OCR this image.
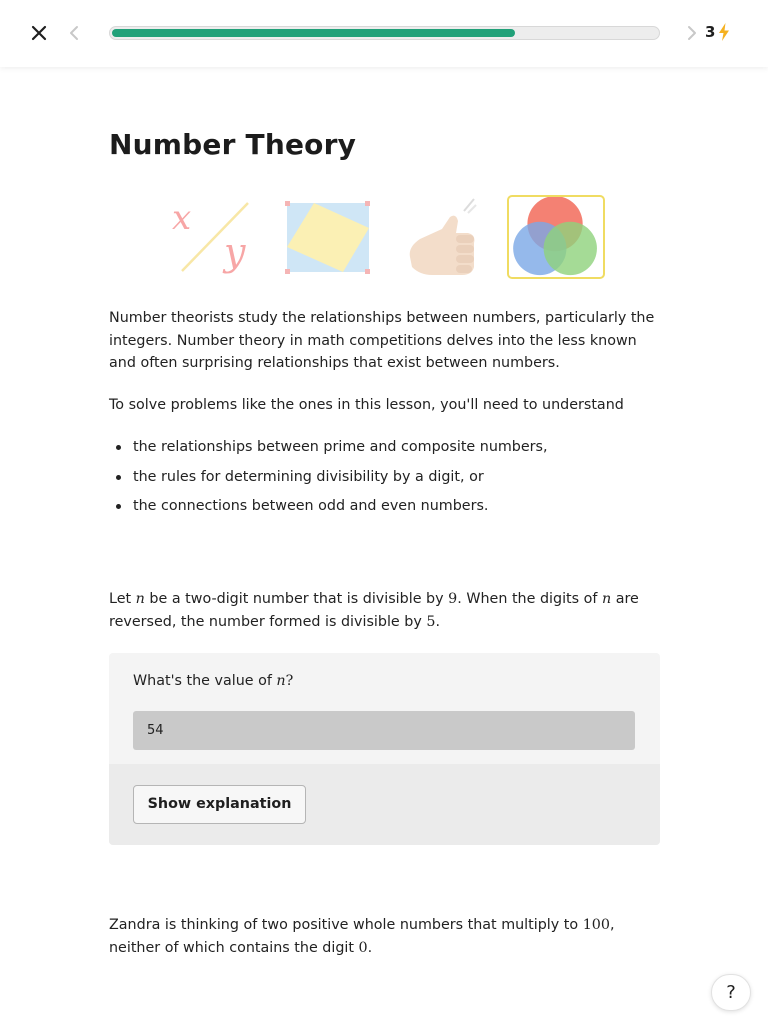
3
Number Theory
x
y

Number theorists study the relationships between numbers, particularly the integers. Number theory in math competitions delves into the less known and often surprising relationships that exist between numbers.

To solve problems like the ones in this lesson, you'll need to understand

the relationships between prime and composite numbers,
the rules for determining divisibility by a digit, or
the connections between odd and even numbers.

Let n be a two-digit number that is divisible by 9. When the digits of n are reversed, the number formed is divisible by 5.

What's the value of n?
54
Show explanation

Zandra is thinking of two positive whole numbers that multiply to 100, neither of which contains the digit 0.

?
